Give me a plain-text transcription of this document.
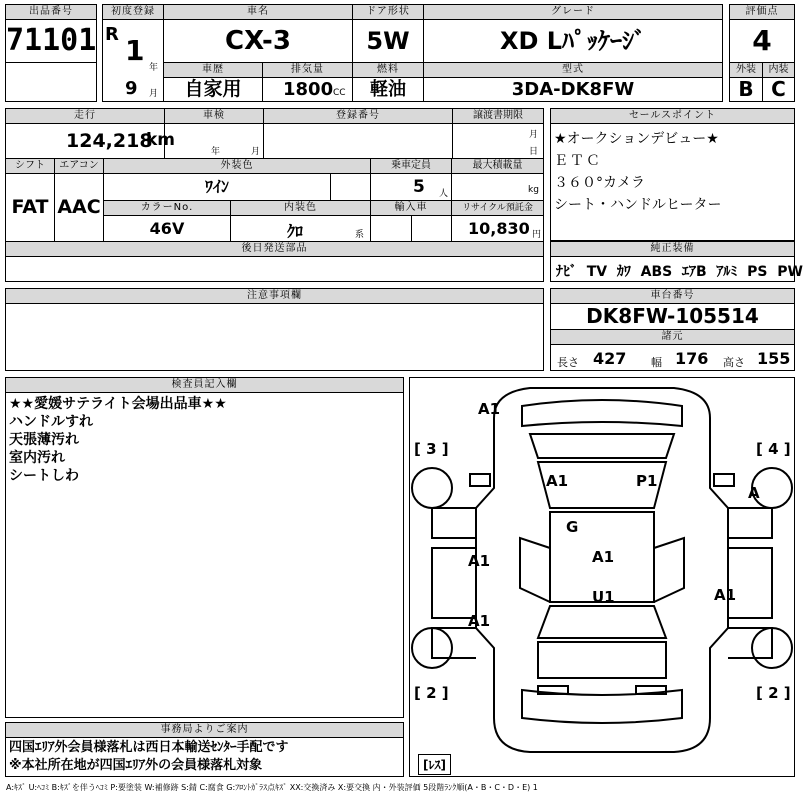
出品番号
71101
初度登録
R 1
年
9 月
車名
CX-3
ドア形状
5W
グレード
XD Lﾊﾟｯｹｰｼﾞ
評価点
4
車歴
自家用
排気量
1800 CC
燃料
軽油
型式
3DA-DK8FW
外装
B
内装
C
走行
124,218
km
車検
年	月
登録番号	譲渡書期限
月
日
シフト
FAT
エアコン
AAC
外装色
ﾜｲﾝ
乗車定員
5 人
最大積載量
kg
カラーNo.
46V
内装色
ｸﾛ	系
輸入車	リサイクル預託金
10,830 円
後日発送部品
セールスポイント
★オークションデビュー★
ＥＴＣ
３６０°カメラ
シート・ハンドルヒーター
純正装備
ﾅﾋﾞ TV ｶﾜ ABS ｴｱB ｱﾙﾐ PS PW
注意事項欄	車台番号
DK8FW-105514
諸元
長さ 427 幅 176 高さ 155
検査員記入欄
★★愛媛サテライト会場出品車★★
ハンドルすれ
天張薄汚れ
室内汚れ
シートしわ
事務局よりご案内
四国ｴﾘｱ外会員様落札は西日本輸送ｾﾝﾀｰ手配です
※本社所在地が四国ｴﾘｱ外の会員様落札対象
A1
A1	P1
A
G
A1	A1
U1	A1
A1
[ 3 ]	[ 4 ]
[ 2 ]	[ 2 ]
[ﾚｽ]
A:ｷｽﾞ U:ﾍｺﾐ B:ｷｽﾞを伴うﾍｺﾐ P:要塗装 W:補修跡 S:錆 C:腐食 G:ﾌﾛﾝﾄｶﾞﾗｽ点ｷｽﾞ XX:交換済み X:要交換 内・外装評価 5段階ﾗﾝｸ順(A・B・C・D・E) 1
